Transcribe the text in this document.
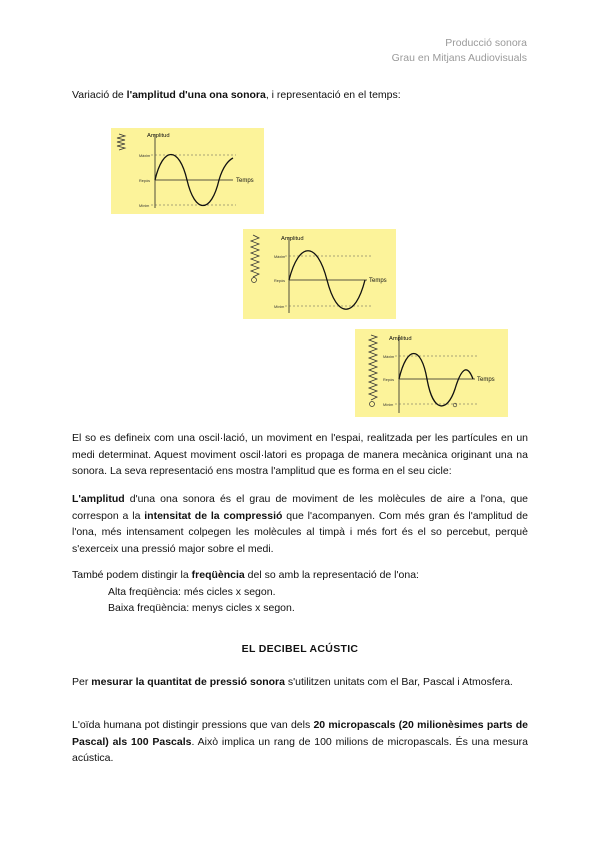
Producció sonora
Grau en Mitjans Audiovisuals
Variació de l'amplitud d'una ona sonora, i representació en el temps:
Amplitud
Temps
Màxim
Repòs
Mínim
Amplitud
Temps
Màxim
Repòs
Mínim
Amplitud
Temps
Màxim
Repòs
Mínim
El so es defineix com una oscil·lació, un moviment en l'espai, realitzada per les partícules en un medi determinat. Aquest moviment oscil·latori es propaga de manera mecànica originant una na sonora. La seva representació ens mostra l'amplitud que es forma en el seu cicle:
L'amplitud d'una ona sonora és el grau de moviment de les molècules de aire a l'ona, que correspon a la intensitat de la compressió que l'acompanyen. Com més gran és l'amplitud de l'ona, més intensament colpegen les molècules al timpà i més fort és el so percebut, perquè s'exerceix una pressió major sobre el medi.
També podem distingir la freqüència del so amb la representació de l'ona:
Alta freqüència: més cicles x segon.
Baixa freqüència: menys cicles x segon.
EL DECIBEL ACÚSTIC
Per mesurar la quantitat de pressió sonora s'utilitzen unitats com el Bar, Pascal i Atmosfera.
L'oïda humana pot distingir pressions que van dels 20 micropascals (20 milionèsimes parts de Pascal) als 100 Pascals. Això implica un rang de 100 milions de micropascals. És una mesura acústica.
